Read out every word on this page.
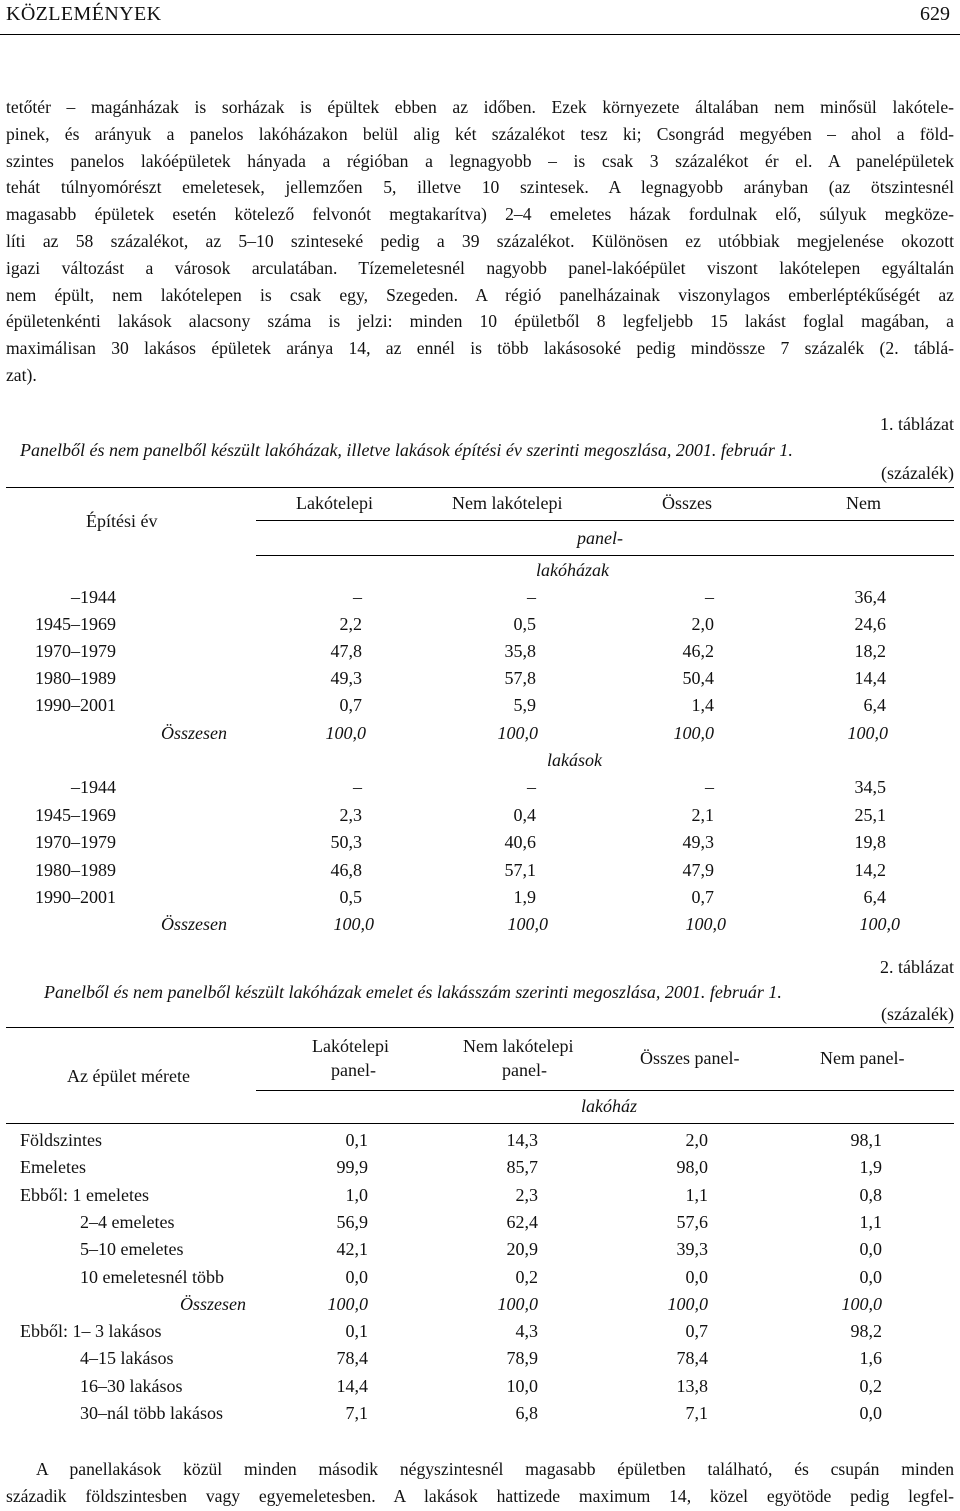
KÖZLEMÉNYEK	629
tetőtér – magánházak is sorházak is épültek ebben az időben. Ezek környezete általában nem minősül lakótele-
pinek, és arányuk a panelos lakóházakon belül alig két százalékot tesz ki; Csongrád megyében – ahol a föld-
szintes panelos lakóépületek hányada a régióban a legnagyobb – is csak 3 százalékot ér el. A panelépületek
tehát túlnyomórészt emeletesek, jellemzően 5, illetve 10 szintesek. A legnagyobb arányban (az ötszintesnél
magasabb épületek esetén kötelező felvonót megtakarítva) 2–4 emeletes házak fordulnak elő, súlyuk megköze-
líti az 58 százalékot, az 5–10 szinteseké pedig a 39 százalékot. Különösen ez utóbbiak megjelenése okozott
igazi változást a városok arculatában. Tízemeletesnél nagyobb panel-lakóépület viszont lakótelepen egyáltalán
nem épült, nem lakótelepen is csak egy, Szegeden. A régió panelházainak viszonylagos emberléptékűségét az
épületenkénti lakások alacsony száma is jelzi: minden 10 épületből 8 legfeljebb 15 lakást foglal magában, a
maximálisan 30 lakásos épületek aránya 14, az ennél is több lakásosoké pedig mindössze 7 százalék (2. táblá-
zat).
1. táblázat
Panelből és nem panelből készült lakóházak, illetve lakások építési év szerinti megoszlása, 2001. február 1.
(százalék)
Építési év
Lakótelepi	Nem lakótelepi	Összes	Nem
panel-
lakóházak
–1944	–	–	–	36,4
1945–1969	2,2	0,5	2,0	24,6
1970–1979	47,8	35,8	46,2	18,2
1980–1989	49,3	57,8	50,4	14,4
1990–2001	0,7	5,9	1,4	6,4
Összesen	100,0	100,0	100,0	100,0
lakások
–1944	–	–	–	34,5
1945–1969	2,3	0,4	2,1	25,1
1970–1979	50,3	40,6	49,3	19,8
1980–1989	46,8	57,1	47,9	14,2
1990–2001	0,5	1,9	0,7	6,4
Összesen	100,0	100,0	100,0	100,0
2. táblázat
Panelből és nem panelből készült lakóházak emelet és lakásszám szerinti megoszlása, 2001. február 1.
(százalék)
Az épület mérete
Lakótelepi
panel-
Nem lakótelepi
panel-
Összes panel-	Nem panel-
lakóház
Földszintes	0,1	14,3	2,0	98,1
Emeletes	99,9	85,7	98,0	1,9
Ebből: 1 emeletes	1,0	2,3	1,1	0,8
2–4 emeletes	56,9	62,4	57,6	1,1
5–10 emeletes	42,1	20,9	39,3	0,0
10 emeletesnél több	0,0	0,2	0,0	0,0
Összesen	100,0	100,0	100,0	100,0
Ebből: 1– 3 lakásos	0,1	4,3	0,7	98,2
4–15 lakásos	78,4	78,9	78,4	1,6
16–30 lakásos	14,4	10,0	13,8	0,2
30–nál több lakásos	7,1	6,8	7,1	0,0
A panellakások közül minden második négyszintesnél magasabb épületben található, és csupán minden
századik földszintesben vagy egyemeletesben. A lakások hattizede maximum 14, közel egyötöde pedig legfel-
